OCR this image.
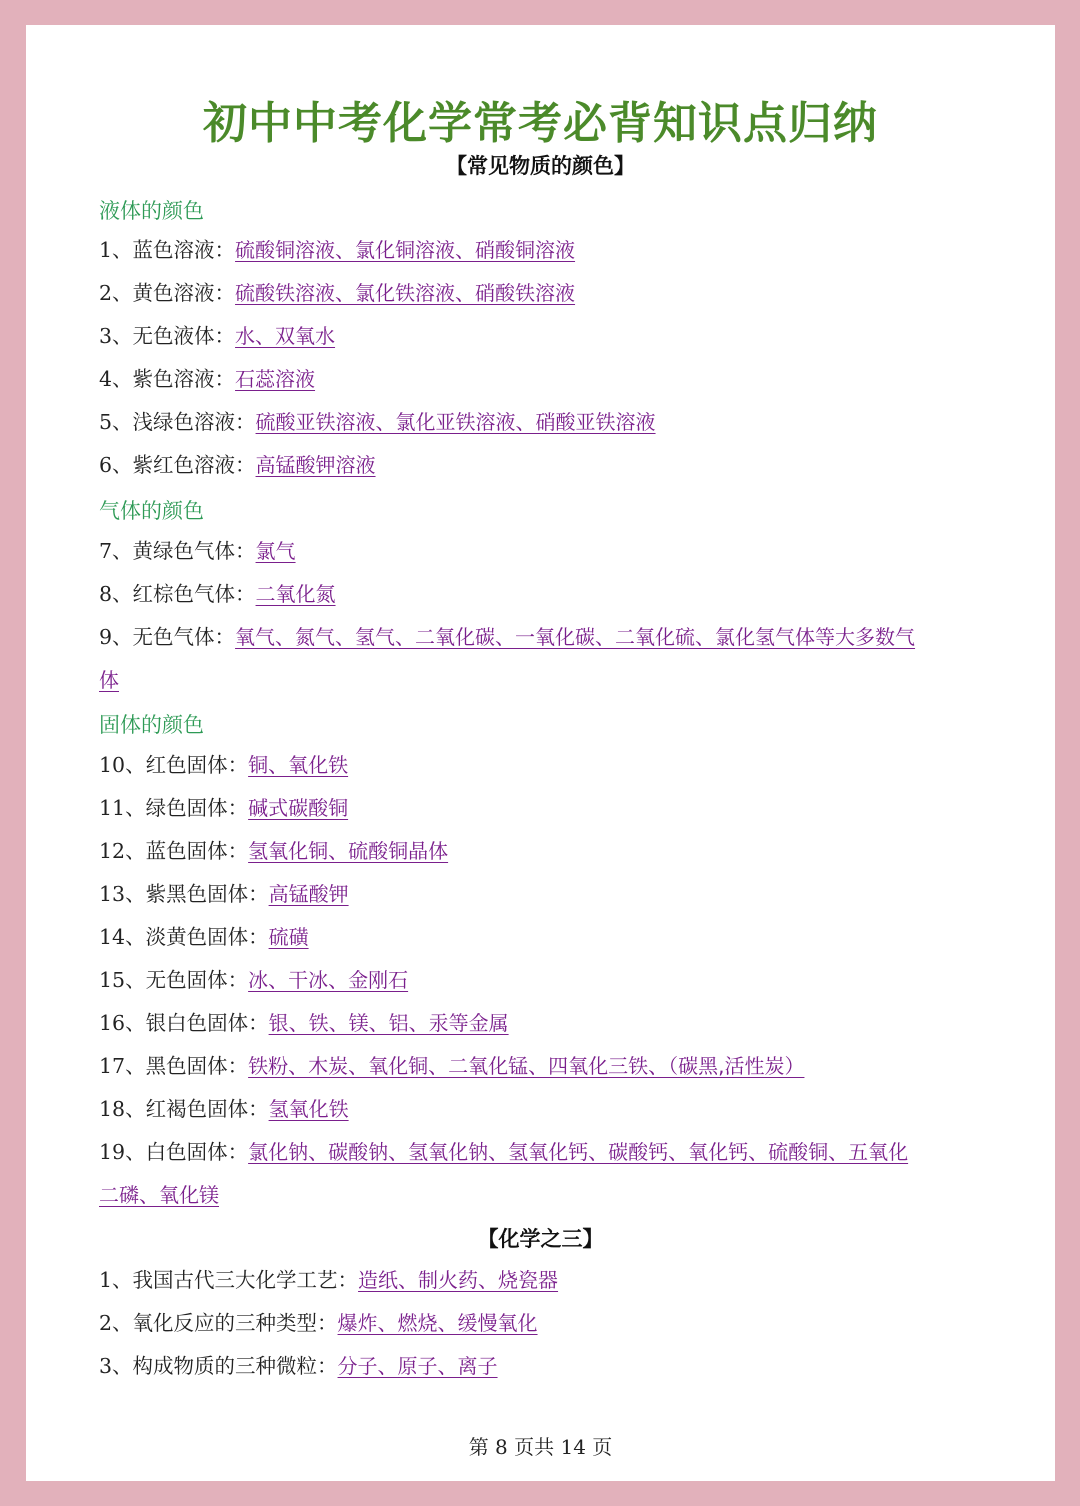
初中中考化学常考必背知识点归纳
【常见物质的颜色】
液体的颜色
1、蓝色溶液：硫酸铜溶液、氯化铜溶液、硝酸铜溶液
2、黄色溶液：硫酸铁溶液、氯化铁溶液、硝酸铁溶液
3、无色液体：水、双氧水
4、紫色溶液：石蕊溶液
5、浅绿色溶液：硫酸亚铁溶液、氯化亚铁溶液、硝酸亚铁溶液
6、紫红色溶液：高锰酸钾溶液
气体的颜色
7、黄绿色气体：氯气
8、红棕色气体：二氧化氮
9、无色气体：氧气、氮气、氢气、二氧化碳、一氧化碳、二氧化硫、氯化氢气体等大多数气
体
固体的颜色
10、红色固体：铜、氧化铁
11、绿色固体：碱式碳酸铜
12、蓝色固体：氢氧化铜、硫酸铜晶体
13、紫黑色固体：高锰酸钾
14、淡黄色固体：硫磺
15、无色固体：冰、干冰、金刚石
16、银白色固体：银、铁、镁、铝、汞等金属
17、黑色固体：铁粉、木炭、氧化铜、二氧化锰、四氧化三铁、（碳黑,活性炭）
18、红褐色固体：氢氧化铁
19、白色固体：氯化钠、碳酸钠、氢氧化钠、氢氧化钙、碳酸钙、氧化钙、硫酸铜、五氧化
二磷、氧化镁
【化学之三】
1、我国古代三大化学工艺：造纸、制火药、烧瓷器
2、氧化反应的三种类型：爆炸、燃烧、缓慢氧化
3、构成物质的三种微粒：分子、原子、离子
第 8 页共 14 页
